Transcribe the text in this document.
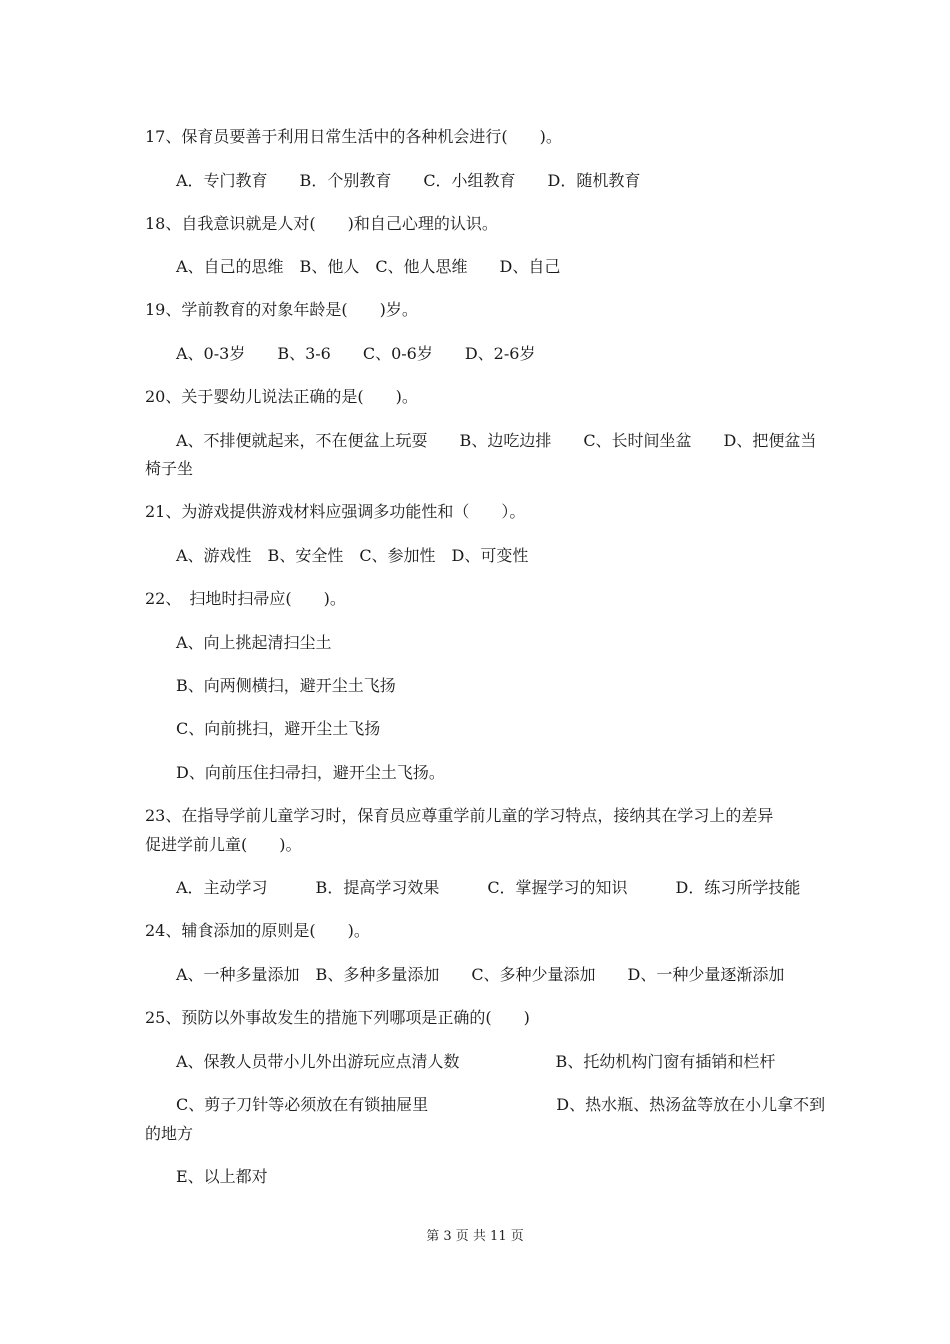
17、保育员要善于利用日常生活中的各种机会进行(　　)。
A．专门教育　　B．个别教育　　C．小组教育　　D．随机教育
18、自我意识就是人对(　　)和自己心理的认识。
A、自己的思维　B、他人　C、他人思维　　D、自己
19、学前教育的对象年龄是(　　)岁。
A、0-3岁　　B、3-6　　C、0-6岁　　D、2-6岁
20、关于婴幼儿说法正确的是(　　)。
A、不排便就起来，不在便盆上玩耍　　B、边吃边排　　C、长时间坐盆　　D、把便盆当
椅子坐
21、为游戏提供游戏材料应强调多功能性和（　　）。
A、游戏性　B、安全性　C、参加性　D、可变性
22、　扫地时扫帚应(　　)。
A、向上挑起清扫尘土
B、向两侧横扫，避开尘土飞扬
C、向前挑扫，避开尘土飞扬
D、向前压住扫帚扫，避开尘土飞扬。
23、在指导学前儿童学习时，保育员应尊重学前儿童的学习特点，接纳其在学习上的差异
促进学前儿童(　　)。
A．主动学习　　　B．提高学习效果　　　C．掌握学习的知识　　　D．练习所学技能
24、辅食添加的原则是(　　)。
A、一种多量添加　B、多种多量添加　　C、多种少量添加　　D、一种少量逐渐添加
25、预防以外事故发生的措施下列哪项是正确的(　　)
A、保教人员带小儿外出游玩应点清人数　　　　　　B、托幼机构门窗有插销和栏杆
C、剪子刀针等必须放在有锁抽屉里　　　　　　　　D、热水瓶、热汤盆等放在小儿拿不到
的地方
E、以上都对
第 3 页 共 11 页
